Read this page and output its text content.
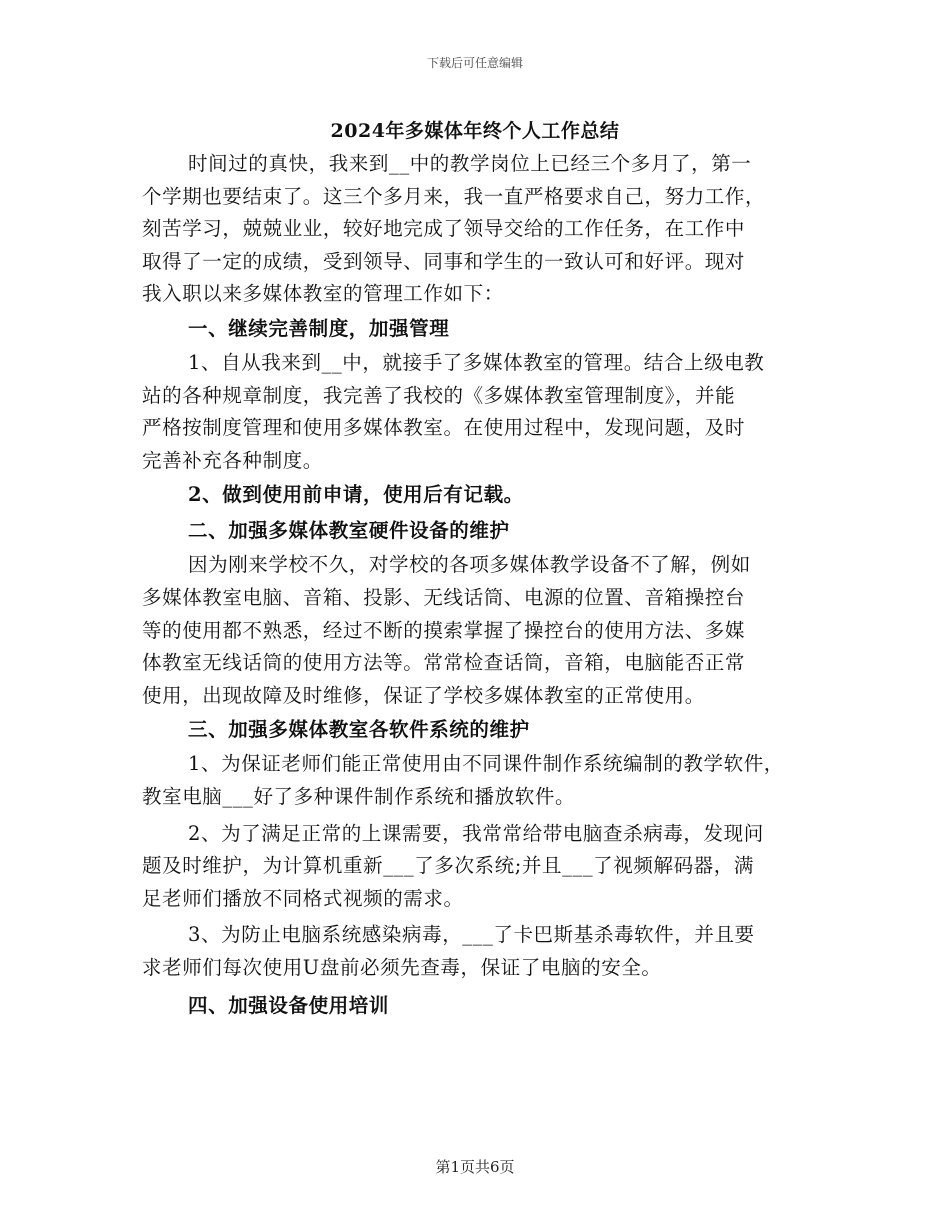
下载后可任意编辑
2024年多媒体年终个人工作总结
时间过的真快，我来到__中的教学岗位上已经三个多月了，第一
个学期也要结束了。这三个多月来，我一直严格要求自己，努力工作，
刻苦学习，兢兢业业，较好地完成了领导交给的工作任务，在工作中
取得了一定的成绩，受到领导、同事和学生的一致认可和好评。现对
我入职以来多媒体教室的管理工作如下：
一、继续完善制度，加强管理
1、自从我来到__中，就接手了多媒体教室的管理。结合上级电教
站的各种规章制度，我完善了我校的《多媒体教室管理制度》，并能
严格按制度管理和使用多媒体教室。在使用过程中，发现问题，及时
完善补充各种制度。
2、做到使用前申请，使用后有记载。
二、加强多媒体教室硬件设备的维护
因为刚来学校不久，对学校的各项多媒体教学设备不了解，例如
多媒体教室电脑、音箱、投影、无线话筒、电源的位置、音箱操控台
等的使用都不熟悉，经过不断的摸索掌握了操控台的使用方法、多媒
体教室无线话筒的使用方法等。常常检查话筒，音箱，电脑能否正常
使用，出现故障及时维修，保证了学校多媒体教室的正常使用。
三、加强多媒体教室各软件系统的维护
1、为保证老师们能正常使用由不同课件制作系统编制的教学软件，
教室电脑___好了多种课件制作系统和播放软件。
2、为了满足正常的上课需要，我常常给带电脑查杀病毒，发现问
题及时维护，为计算机重新___了多次系统;并且___了视频解码器，满
足老师们播放不同格式视频的需求。
3、为防止电脑系统感染病毒，___了卡巴斯基杀毒软件，并且要
求老师们每次使用U盘前必须先查毒，保证了电脑的安全。
四、加强设备使用培训
第1页共6页
